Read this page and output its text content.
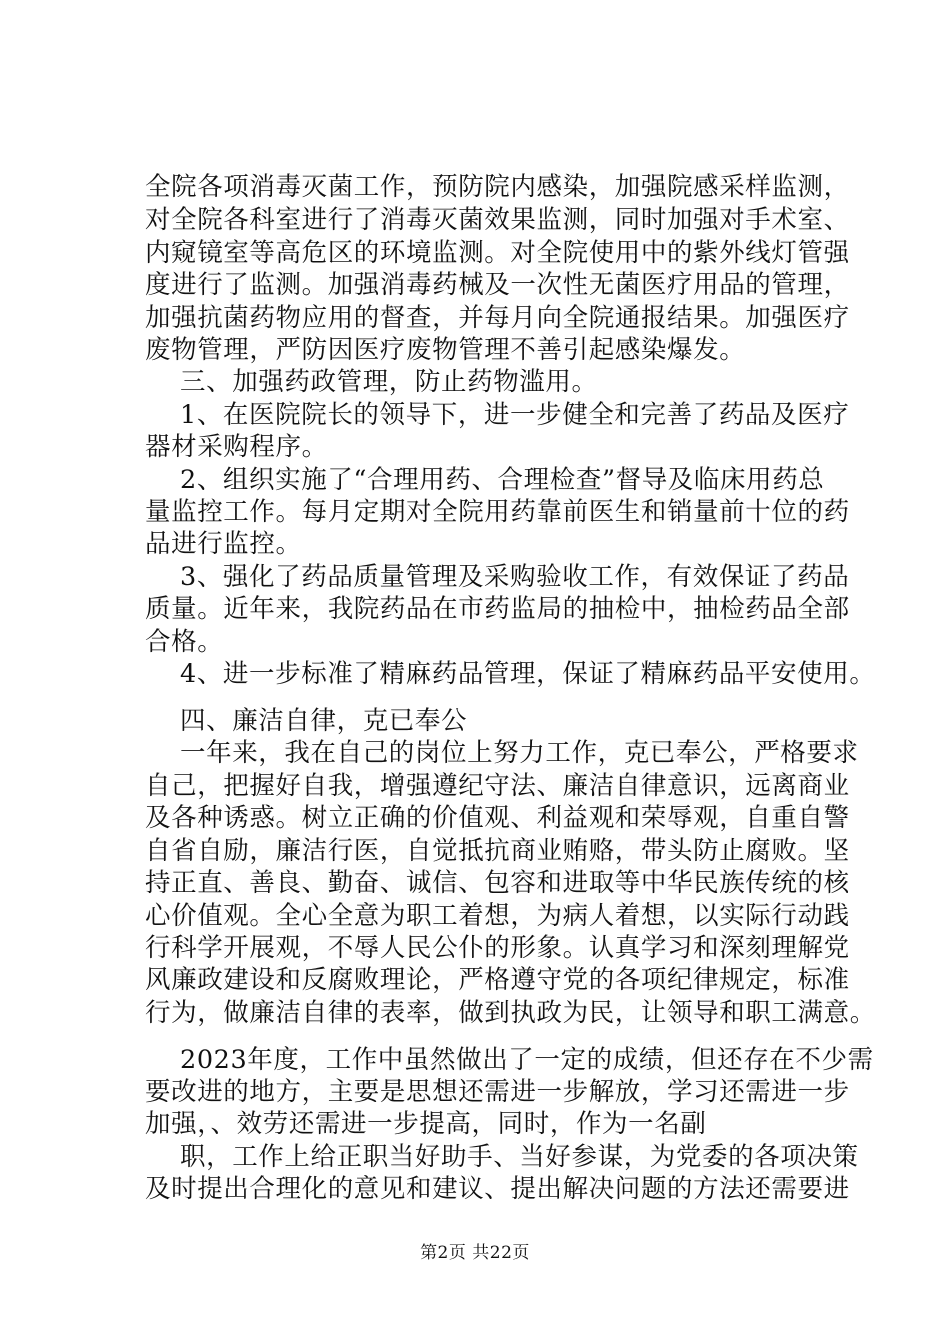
全院各项消毒灭菌工作，预防院内感染，加强院感采样监测，
对全院各科室进行了消毒灭菌效果监测，同时加强对手术室、
内窥镜室等高危区的环境监测。对全院使用中的紫外线灯管强
度进行了监测。加强消毒药械及一次性无菌医疗用品的管理，
加强抗菌药物应用的督查，并每月向全院通报结果。加强医疗
废物管理，严防因医疗废物管理不善引起感染爆发。
三、加强药政管理，防止药物滥用。
1、在医院院长的领导下，进一步健全和完善了药品及医疗
器材采购程序。
2、组织实施了“合理用药、合理检查”督导及临床用药总
量监控工作。每月定期对全院用药靠前医生和销量前十位的药
品进行监控。
3、强化了药品质量管理及采购验收工作，有效保证了药品
质量。近年来，我院药品在市药监局的抽检中，抽检药品全部
合格。
4、进一步标准了精麻药品管理，保证了精麻药品平安使用。
四、廉洁自律，克已奉公
一年来，我在自己的岗位上努力工作，克已奉公，严格要求
自己，把握好自我，增强遵纪守法、廉洁自律意识，远离商业
及各种诱惑。树立正确的价值观、利益观和荣辱观，自重自警
自省自励，廉洁行医，自觉抵抗商业贿赂，带头防止腐败。坚
持正直、善良、勤奋、诚信、包容和进取等中华民族传统的核
心价值观。全心全意为职工着想，为病人着想，以实际行动践
行科学开展观，不辱人民公仆的形象。认真学习和深刻理解党
风廉政建设和反腐败理论，严格遵守党的各项纪律规定，标准
行为，做廉洁自律的表率，做到执政为民，让领导和职工满意。
2023年度，工作中虽然做出了一定的成绩，但还存在不少需
要改进的地方，主要是思想还需进一步解放，学习还需进一步
加强，、效劳还需进一步提高，同时，作为一名副
职，工作上给正职当好助手、当好参谋，为党委的各项决策
及时提出合理化的意见和建议、提出解决问题的方法还需要进
第2页 共22页
